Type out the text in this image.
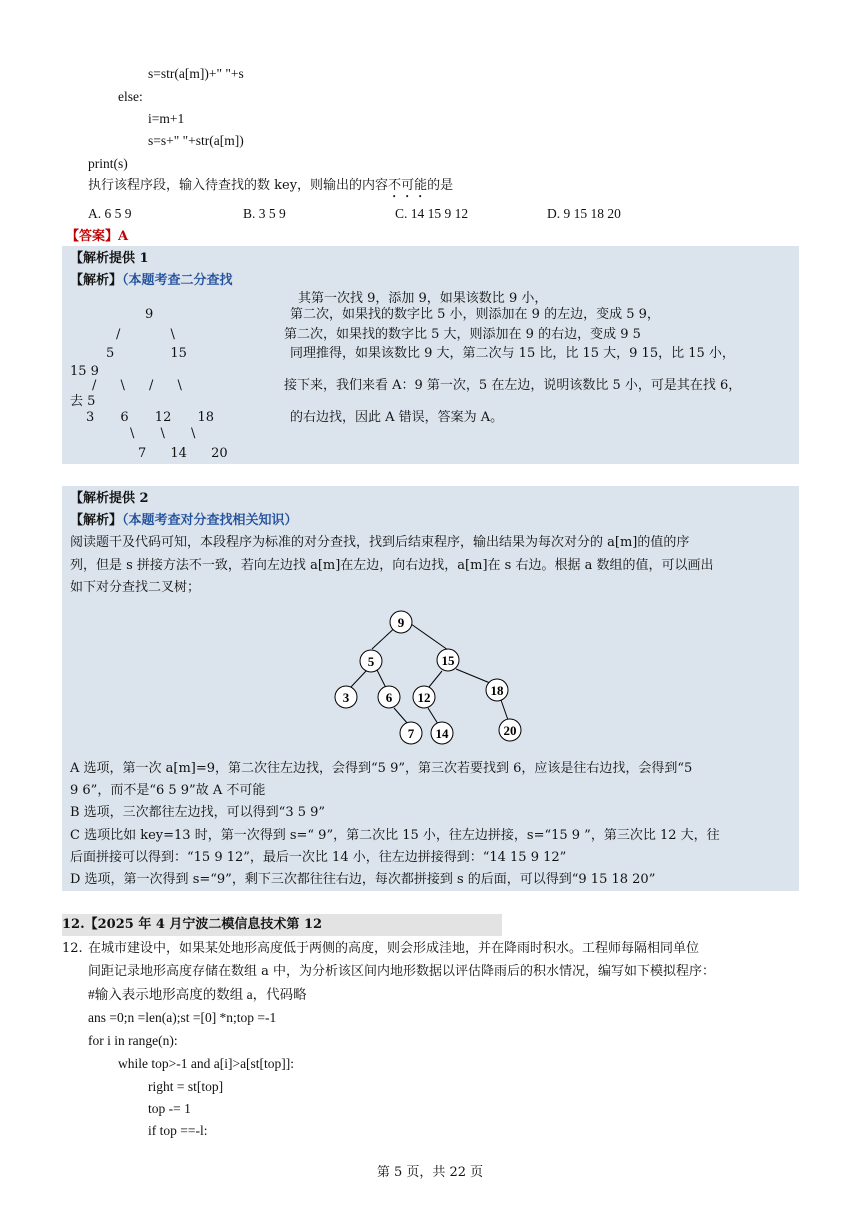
s=str(a[m])+" "+s
else:
i=m+1
s=s+" "+str(a[m])
print(s)
执行该程序段，输入待查找的数 key，则输出的内容不可能的是
A. 6 5 9	B. 3 5 9	C. 14 15 9 12	D. 9 15 18 20
【答案】A
【解析提供 1
【解析】（本题考查二分查找
9
/ \
5 15
15 9
/ \ / \
去 5
3 6 12 18
\ \ \
7 14 20
其第一次找 9，添加 9，如果该数比 9 小，
第二次，如果找的数字比 5 小，则添加在 9 的左边，变成 5 9，
第二次，如果找的数字比 5 大，则添加在 9 的右边，变成 9 5
同理推得，如果该数比 9 大，第二次与 15 比，比 15 大，9 15，比 15 小，
接下来，我们来看 A：9 第一次，5 在左边，说明该数比 5 小，可是其在找 6，
的右边找，因此 A 错误，答案为 A。
【解析提供 2
【解析】（本题考查对分查找相关知识）
阅读题干及代码可知，本段程序为标准的对分查找，找到后结束程序，输出结果为每次对分的 a[m]的值的序
列，但是 s 拼接方法不一致，若向左边找 a[m]在左边，向右边找，a[m]在 s 右边。根据 a 数组的值，可以画出
如下对分查找二叉树；
9
5	15
3	6 12	18
7 14	20
A 选项，第一次 a[m]=9，第二次往左边找，会得到“5 9”，第三次若要找到 6，应该是往右边找，会得到“5
9 6”，而不是“6 5 9”故 A 不可能
B 选项，三次都往左边找，可以得到“3 5 9”
C 选项比如 key=13 时，第一次得到 s=“ 9”，第二次比 15 小，往左边拼接，s=“15 9 ”，第三次比 12 大，往
后面拼接可以得到：“15 9 12”，最后一次比 14 小，往左边拼接得到：“14 15 9 12”
D 选项，第一次得到 s=“9”，剩下三次都往往右边，每次都拼接到 s 的后面，可以得到“9 15 18 20”
12.【2025 年 4 月宁波二模信息技术第 12
12. 在城市建设中，如果某处地形高度低于两侧的高度，则会形成洼地，并在降雨时积水。工程师每隔相同单位
间距记录地形高度存储在数组 a 中，为分析该区间内地形数据以评估降雨后的积水情况，编写如下模拟程序：
#输入表示地形高度的数组 a，代码略
ans =0;n =len(a);st =[0] *n;top =-1
for i in range(n):
while top>-1 and a[i]>a[st[top]]:
right = st[top]
top -= 1
if top ==-l:
第 5 页，共 22 页
